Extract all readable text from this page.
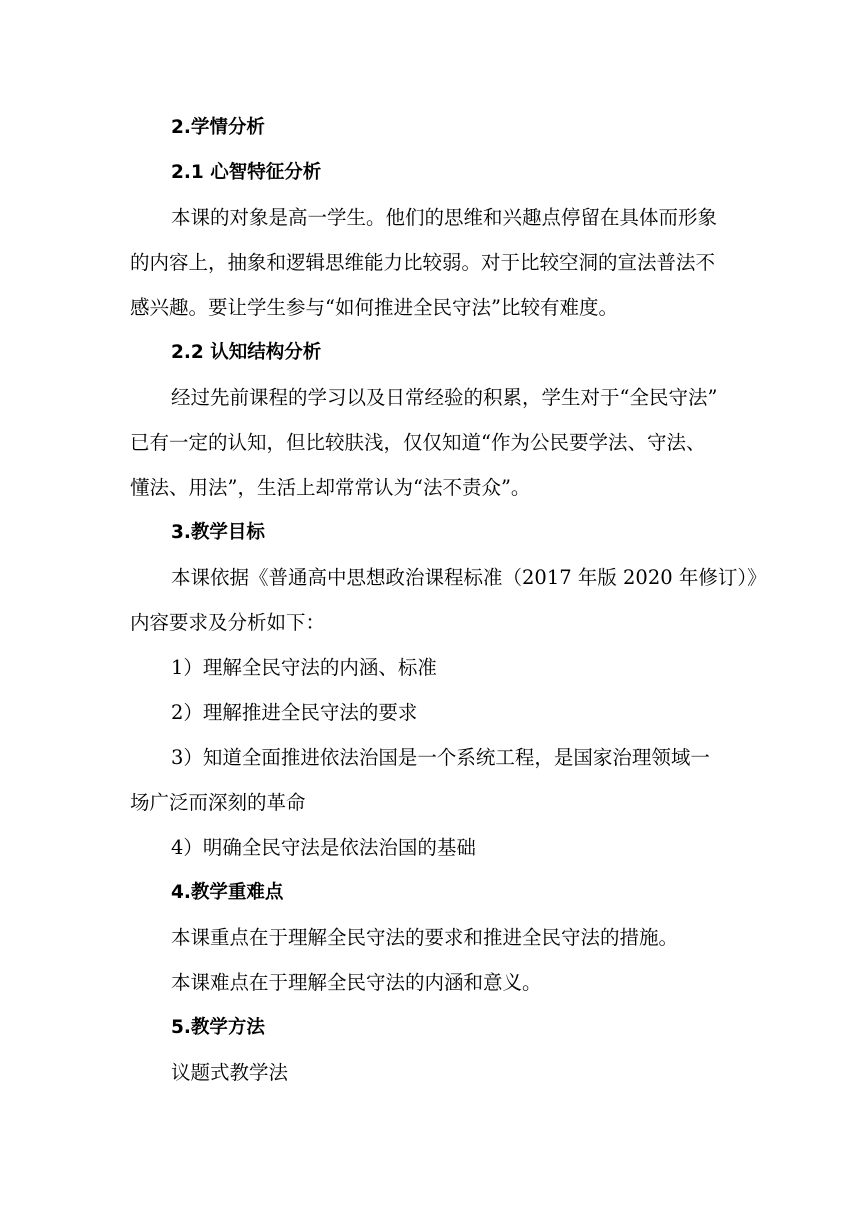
2.学情分析
2.1 心智特征分析
本课的对象是高一学生。他们的思维和兴趣点停留在具体而形象
的内容上，抽象和逻辑思维能力比较弱。对于比较空洞的宣法普法不
感兴趣。要让学生参与“如何推进全民守法”比较有难度。
2.2 认知结构分析
经过先前课程的学习以及日常经验的积累，学生对于“全民守法”
已有一定的认知，但比较肤浅，仅仅知道“作为公民要学法、守法、
懂法、用法”，生活上却常常认为“法不责众”。
3.教学目标
本课依据《普通高中思想政治课程标准（2017 年版 2020 年修订）》
内容要求及分析如下：
1）理解全民守法的内涵、标准
2）理解推进全民守法的要求
3）知道全面推进依法治国是一个系统工程，是国家治理领域一
场广泛而深刻的革命
4）明确全民守法是依法治国的基础
4.教学重难点
本课重点在于理解全民守法的要求和推进全民守法的措施。
本课难点在于理解全民守法的内涵和意义。
5.教学方法
议题式教学法
